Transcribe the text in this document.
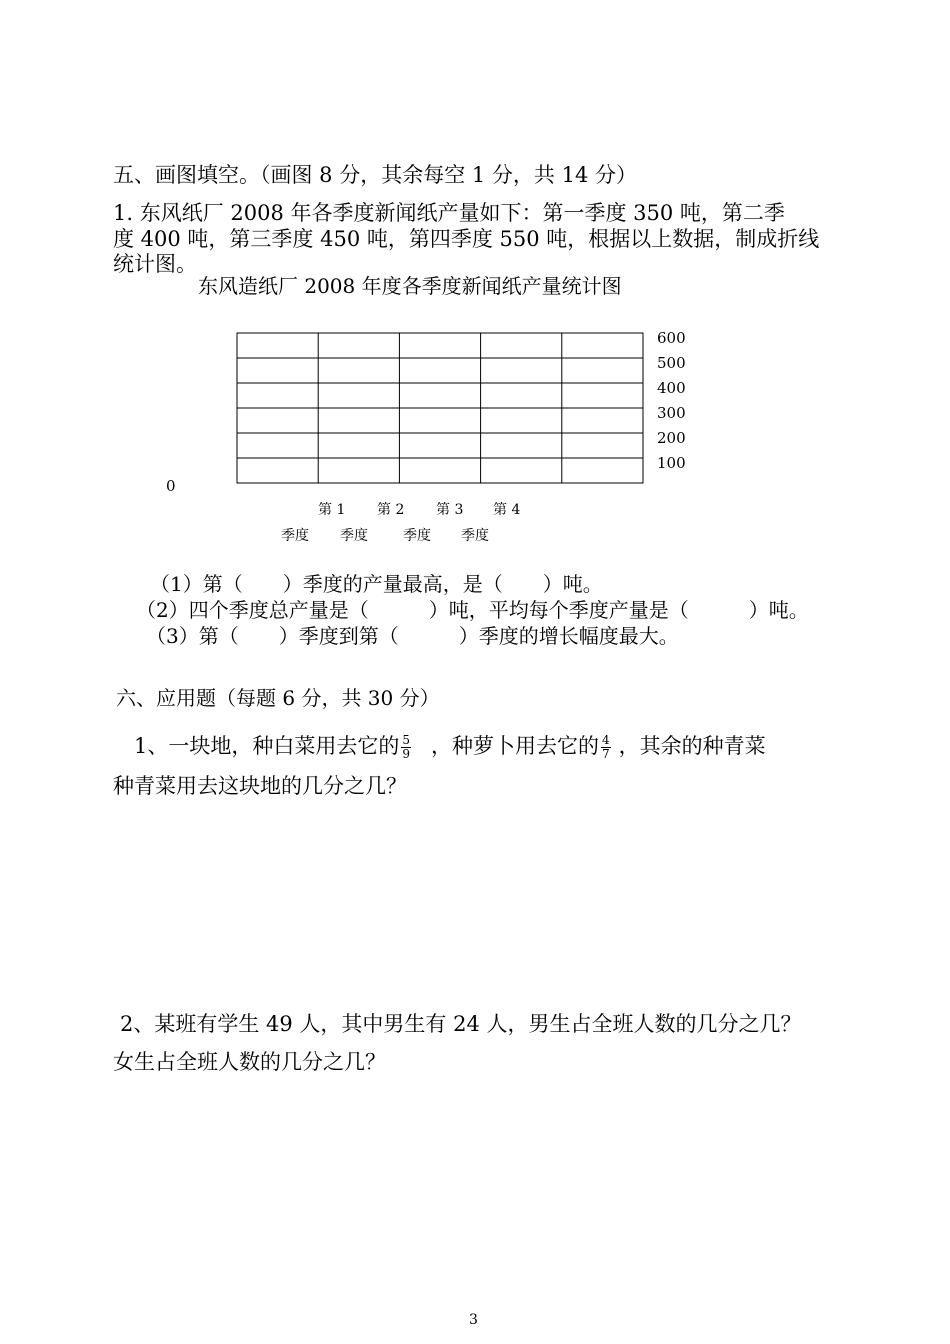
五、画图填空。（画图 8 分，其余每空 1 分，共 14 分）
1. 东风纸厂 2008 年各季度新闻纸产量如下：第一季度 350 吨，第二季
度 400 吨，第三季度 450 吨，第四季度 550 吨，根据以上数据，制成折线
统计图。
东风造纸厂 2008 年度各季度新闻纸产量统计图
100
200
300
400
500
600
0
第 1 第 2 第 3 第 4
季度 季度	季度 季度
（1）第（　　）季度的产量最高，是（　　）吨。
（2）四个季度总产量是（　　　）吨，平均每个季度产量是（　　　）吨。
（3）第（　　）季度到第（　　　）季度的增长幅度最大。
六、应用题（每题 6 分，共 30 分）
1、一块地，种白菜用去它的 $\frac{5}{9}$ ，种萝卜用去它的 $\frac{4}{7}$ ，其余的种青菜
种青菜用去这块地的几分之几？
2、某班有学生 49 人，其中男生有 24 人，男生占全班人数的几分之几？
女生占全班人数的几分之几？
3
